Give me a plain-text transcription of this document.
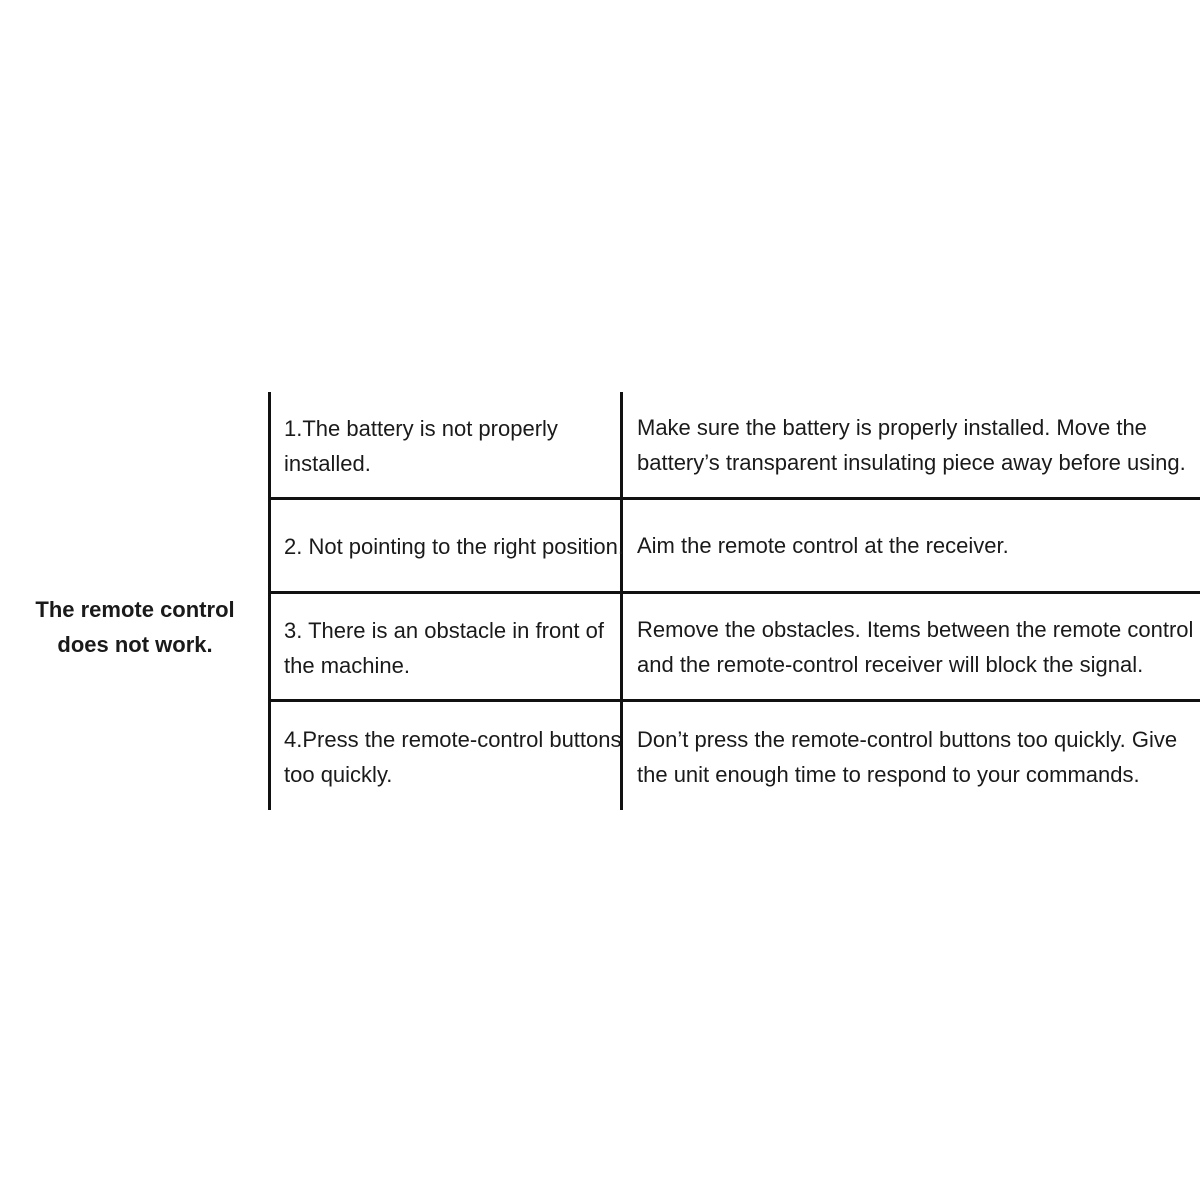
The remote control
does not work.
1.The battery is not properly installed.
Make sure the battery is properly installed. Move the battery’s transparent insulating piece away before using.
2. Not pointing to the right position. Aim the remote control at the receiver.
3. There is an obstacle in front of the machine.
Remove the obstacles. Items between the remote control and the remote-control receiver will block the signal.
4.Press the remote-control buttons too quickly.
Don’t press the remote-control buttons too quickly. Give the unit enough time to respond to your commands.
